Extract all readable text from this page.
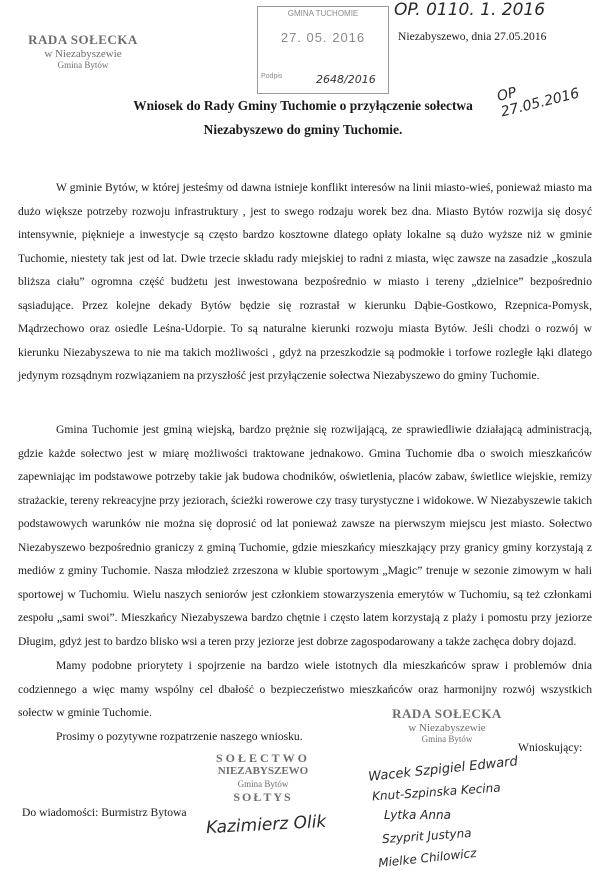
RADA SOŁECKA
w Niezabyszewie
Gmina Bytów
GMINA TUCHOMIE
27. 05. 2016
Podpis	2648/2016
OP. 0110. 1. 2016
OP 27.05.2016
Niezabyszewo, dnia 27.05.2016
Wniosek do Rady Gminy Tuchomie o przyłączenie sołectwa
Niezabyszewo do gminy Tuchomie.

W gminie Bytów, w której jesteśmy od dawna istnieje konflikt interesów na linii miasto-wieś, ponieważ miasto ma dużo większe potrzeby rozwoju infrastruktury , jest to swego rodzaju worek bez dna. Miasto Bytów rozwija się dosyć intensywnie, pięknieje a inwestycje są często bardzo kosztowne dlatego opłaty lokalne są dużo wyższe niż w gminie Tuchomie, niestety tak jest od lat. Dwie trzecie składu rady miejskiej to radni z miasta, więc zawsze na zasadzie „koszula bliższa ciału” ogromna część budżetu jest inwestowana bezpośrednio w miasto i tereny „dzielnice” bezpośrednio sąsiadujące. Przez kolejne dekady Bytów będzie się rozrastał w kierunku Dąbie-Gostkowo, Rzepnica-Pomysk, Mądrzechowo oraz osiedle Leśna-Udorpie. To są naturalne kierunki rozwoju miasta Bytów. Jeśli chodzi o rozwój w kierunku Niezabyszewa to nie ma takich możliwości , gdyż na przeszkodzie są podmokłe i torfowe rozległe łąki dlatego jedynym rozsądnym rozwiązaniem na przyszłość jest przyłączenie sołectwa Niezabyszewo do gminy Tuchomie.

Gmina Tuchomie jest gminą wiejską, bardzo prężnie się rozwijającą, ze sprawiedliwie działającą administracją, gdzie każde sołectwo jest w miarę możliwości traktowane jednakowo. Gmina Tuchomie dba o swoich mieszkańców zapewniając im podstawowe potrzeby takie jak budowa chodników, oświetlenia, placów zabaw, świetlice wiejskie, remizy strażackie, tereny rekreacyjne przy jeziorach, ścieżki rowerowe czy trasy turystyczne i widokowe. W Niezabyszewie takich podstawowych warunków nie można się doprosić od lat ponieważ zawsze na pierwszym miejscu jest miasto. Sołectwo Niezabyszewo bezpośrednio graniczy z gminą Tuchomie, gdzie mieszkańcy mieszkający przy granicy gminy korzystają z mediów z gminy Tuchomie. Nasza młodzież zrzeszona w klubie sportowym „Magic” trenuje w sezonie zimowym w hali sportowej w Tuchomiu. Wielu naszych seniorów jest członkiem stowarzyszenia emerytów w Tuchomiu, są też członkami zespołu „sami swoi”. Mieszkańcy Niezabyszewa bardzo chętnie i często latem korzystają z plaży i pomostu przy jeziorze Długim, gdyż jest to bardzo blisko wsi a teren przy jeziorze jest dobrze zagospodarowany a także zachęca dobry dojazd.

Mamy podobne priorytety i spojrzenie na bardzo wiele istotnych dla mieszkańców spraw i problemów dnia codziennego a więc mamy wspólny cel dbałość o bezpieczeństwo mieszkańców oraz harmonijny rozwój wszystkich sołectw w gminie Tuchomie.

Prosimy o pozytywne rozpatrzenie naszego wniosku.

RADA SOŁECKA
w Niezabyszewie
Gmina Bytów
SOŁECTWO
NIEZABYSZEWO
Gmina Bytów
SOŁTYS
Kazimierz Olik
Wnioskujący:
Wacek Szpigiel Edward
Knut-Szpinska Kecina
Lytka Anna
Szyprit Justyna
Mielke Chilowicz
Do wiadomości: Burmistrz Bytowa
